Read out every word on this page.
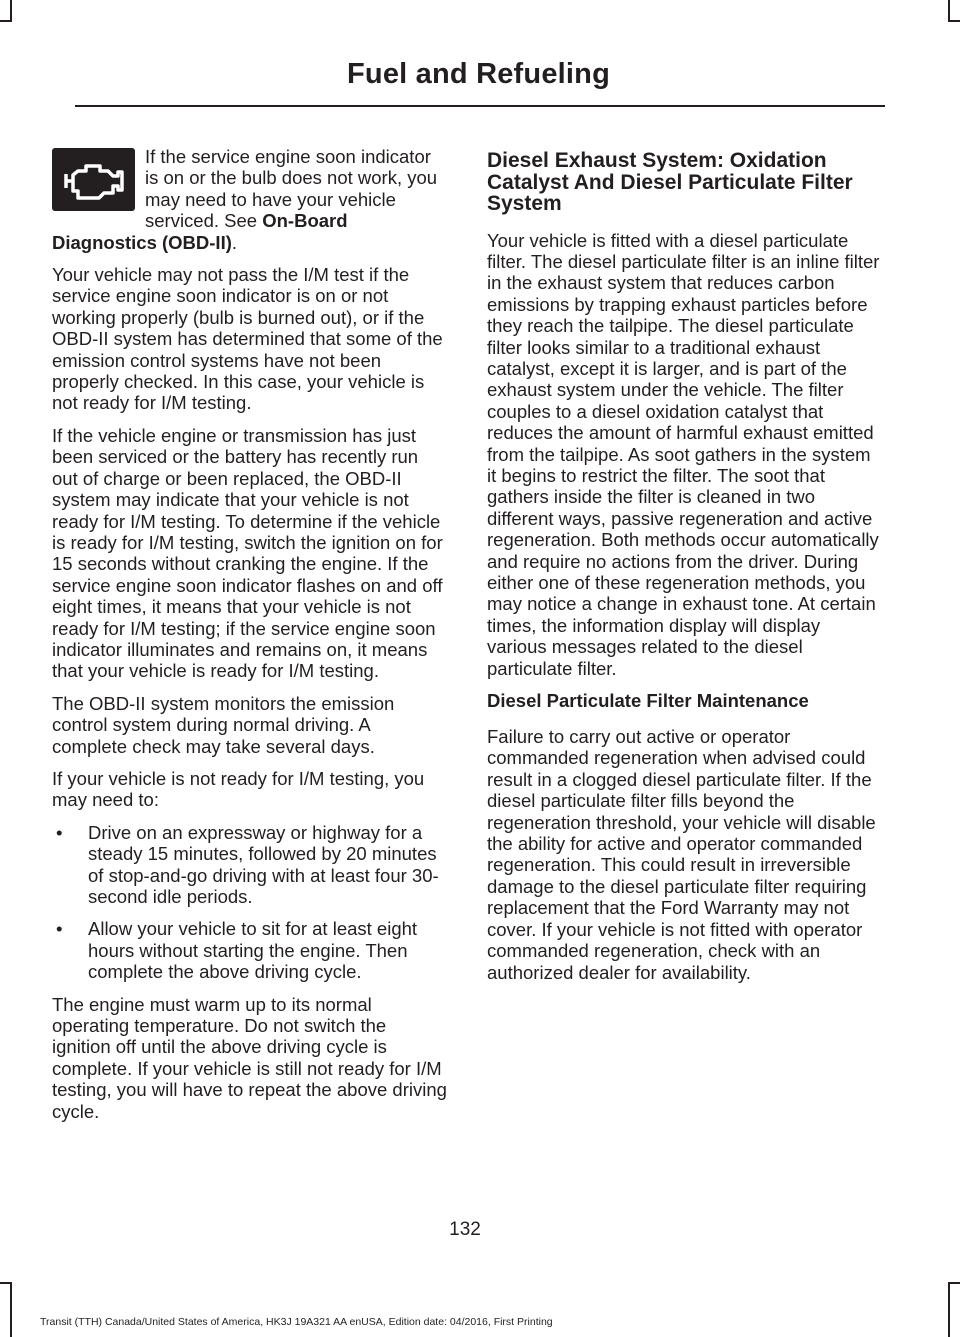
Fuel and Refueling

If the service engine soon indicator is on or the bulb does not work, you may need to have your vehicle serviced. See On-Board Diagnostics (OBD-II).

Your vehicle may not pass the I/M test if the service engine soon indicator is on or not working properly (bulb is burned out), or if the OBD-II system has determined that some of the emission control systems have not been properly checked. In this case, your vehicle is not ready for I/M testing.

If the vehicle engine or transmission has just been serviced or the battery has recently run out of charge or been replaced, the OBD-II system may indicate that your vehicle is not ready for I/M testing. To determine if the vehicle is ready for I/M testing, switch the ignition on for 15 seconds without cranking the engine. If the service engine soon indicator flashes on and off eight times, it means that your vehicle is not ready for I/M testing; if the service engine soon indicator illuminates and remains on, it means that your vehicle is ready for I/M testing.

The OBD-II system monitors the emission control system during normal driving. A complete check may take several days.

If your vehicle is not ready for I/M testing, you may need to:

• Drive on an expressway or highway for a steady 15 minutes, followed by 20 minutes of stop-and-go driving with at least four 30-second idle periods.
• Allow your vehicle to sit for at least eight hours without starting the engine. Then complete the above driving cycle.

The engine must warm up to its normal operating temperature. Do not switch the ignition off until the above driving cycle is complete. If your vehicle is still not ready for I/M testing, you will have to repeat the above driving cycle.

Diesel Exhaust System: Oxidation Catalyst And Diesel Particulate Filter System

Your vehicle is fitted with a diesel particulate filter. The diesel particulate filter is an inline filter in the exhaust system that reduces carbon emissions by trapping exhaust particles before they reach the tailpipe. The diesel particulate filter looks similar to a traditional exhaust catalyst, except it is larger, and is part of the exhaust system under the vehicle. The filter couples to a diesel oxidation catalyst that reduces the amount of harmful exhaust emitted from the tailpipe. As soot gathers in the system it begins to restrict the filter. The soot that gathers inside the filter is cleaned in two different ways, passive regeneration and active regeneration. Both methods occur automatically and require no actions from the driver. During either one of these regeneration methods, you may notice a change in exhaust tone. At certain times, the information display will display various messages related to the diesel particulate filter.

Diesel Particulate Filter Maintenance

Failure to carry out active or operator commanded regeneration when advised could result in a clogged diesel particulate filter. If the diesel particulate filter fills beyond the regeneration threshold, your vehicle will disable the ability for active and operator commanded regeneration. This could result in irreversible damage to the diesel particulate filter requiring replacement that the Ford Warranty may not cover. If your vehicle is not fitted with operator commanded regeneration, check with an authorized dealer for availability.

132
Transit (TTH) Canada/United States of America, HK3J 19A321 AA enUSA, Edition date: 04/2016, First Printing
